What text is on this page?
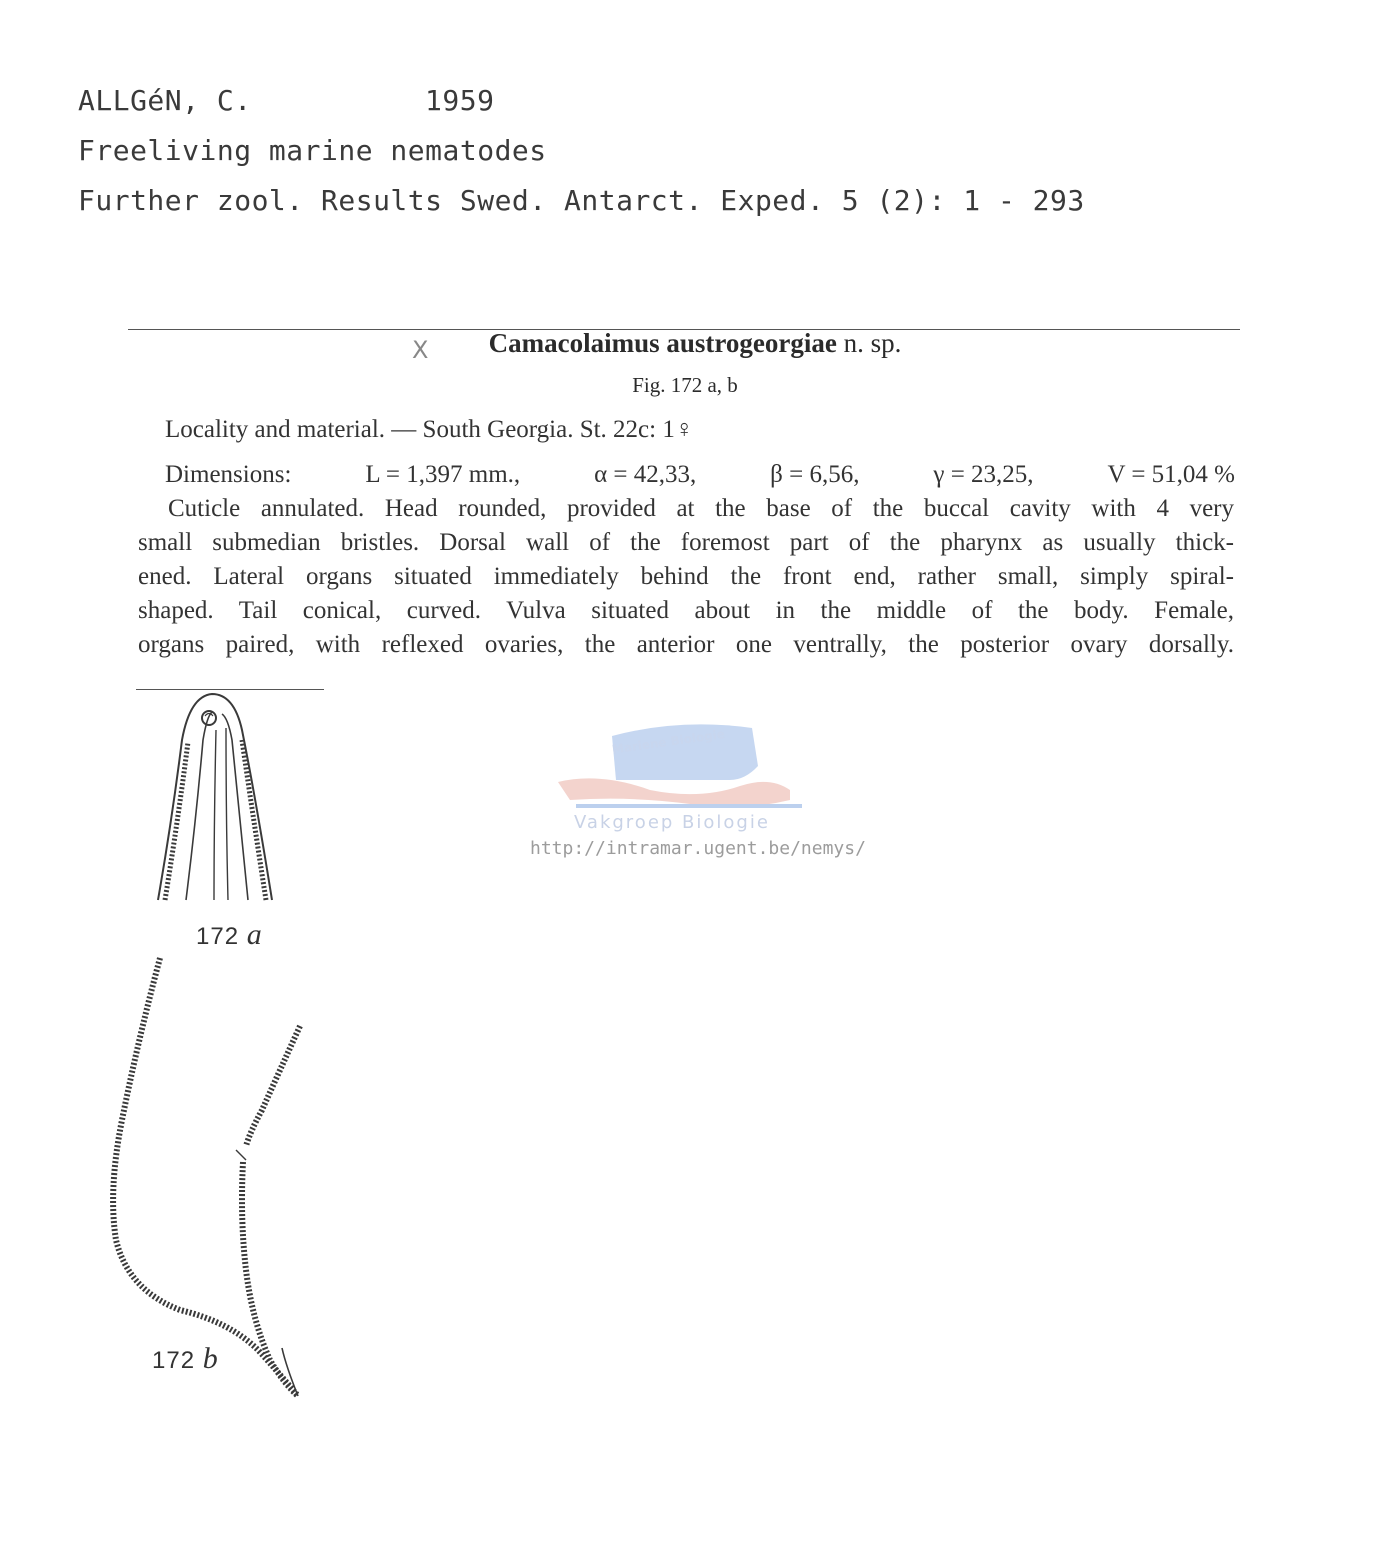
ALLGéN, C.	1959
Freeliving marine nematodes
Further zool. Results Swed. Antarct. Exped. 5 (2): 1 - 293
X	Camacolaimus austrogeorgiae n. sp.
Fig. 172 a, b
Locality and material. — South Georgia. St. 22c: 1♀
Dimensions:	L = 1,397 mm.,	α = 42,33,	β = 6,56,	γ = 23,25,	V = 51,04 %
Cuticle annulated. Head rounded, provided at the base of the buccal cavity with 4 very
small submedian bristles. Dorsal wall of the foremost part of the pharynx as usually thick-
ened. Lateral organs situated immediately behind the front end, rather small, simply spiral-
shaped. Tail conical, curved. Vulva situated about in the middle of the body. Female,
organs paired, with reflexed ovaries, the anterior one ventrally, the posterior ovary dorsally.
Mariene Biologie
Vakgroep Biologie
http://intramar.ugent.be/nemys/
172 a
172 b
